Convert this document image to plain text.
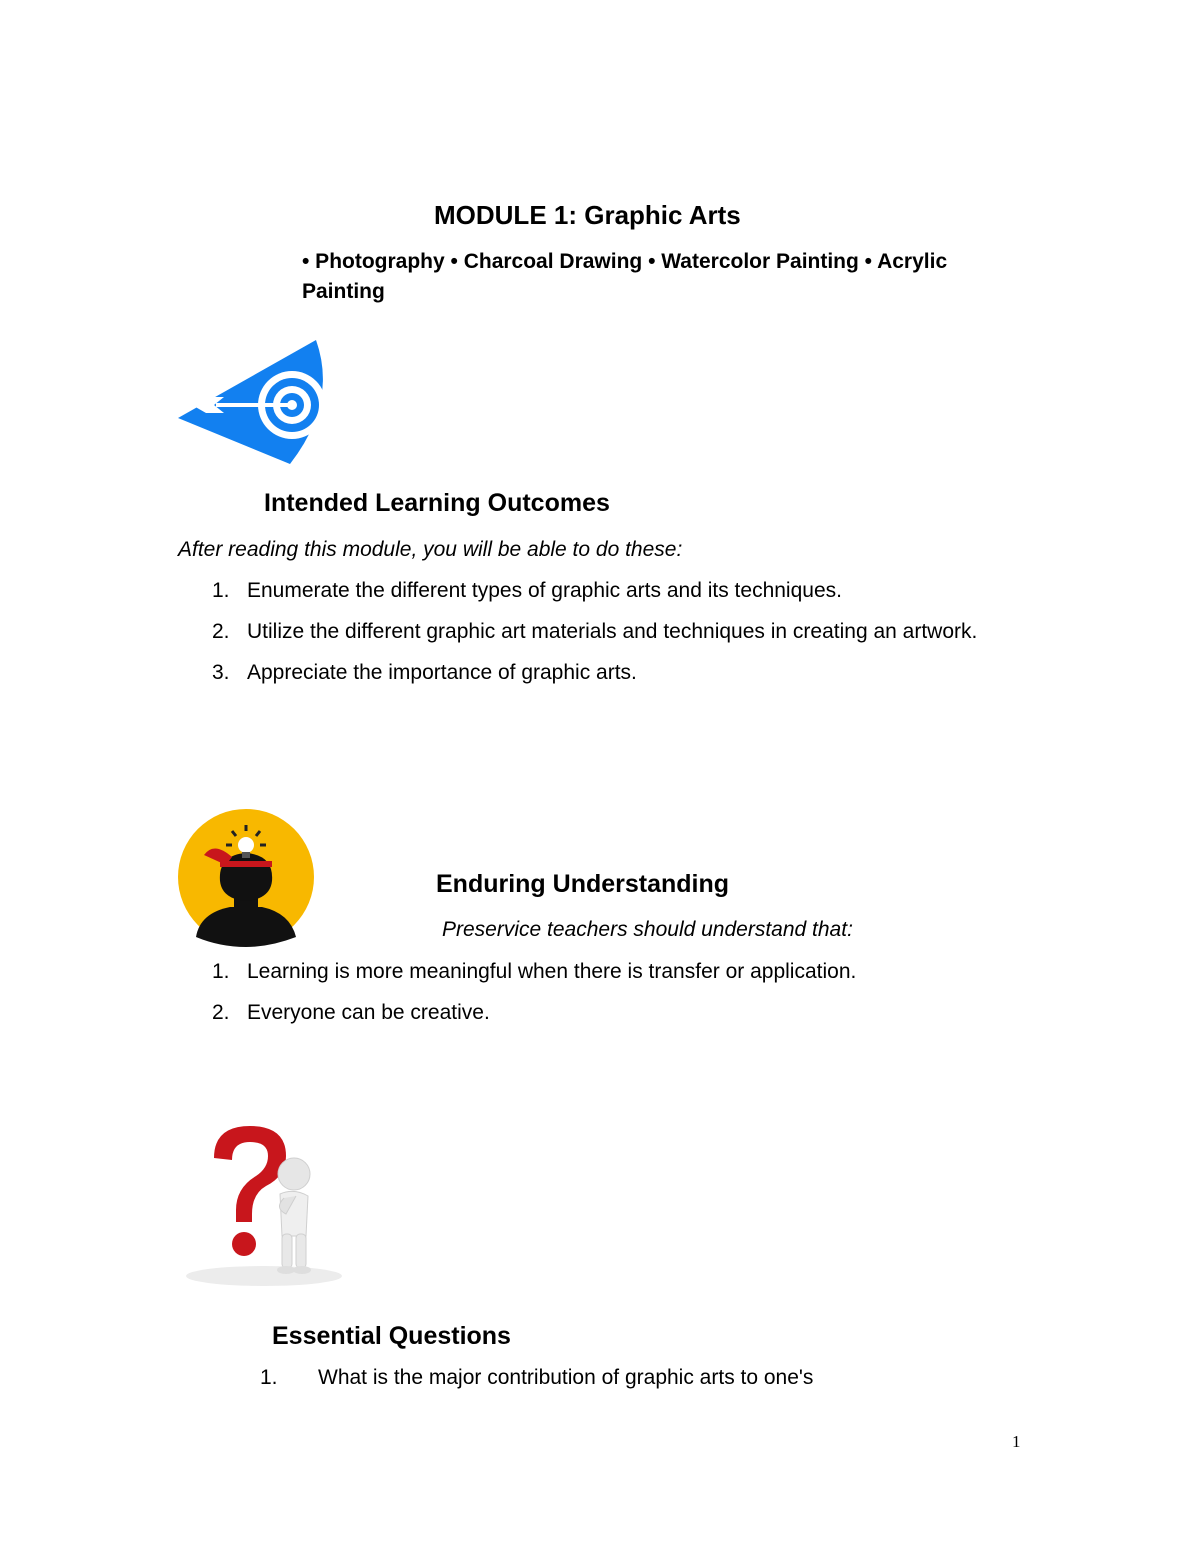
MODULE 1: Graphic Arts
• Photography • Charcoal Drawing • Watercolor Painting • Acrylic Painting
Intended Learning Outcomes
After reading this module, you will be able to do these:
1. Enumerate the different types of graphic arts and its techniques.
2. Utilize the different graphic art materials and techniques in creating an artwork.
3. Appreciate the importance of graphic arts.
Enduring Understanding
Preservice teachers should understand that:
1. Learning is more meaningful when there is transfer or application.
2. Everyone can be creative.
Essential Questions
1. What is the major contribution of graphic arts to one's
1
